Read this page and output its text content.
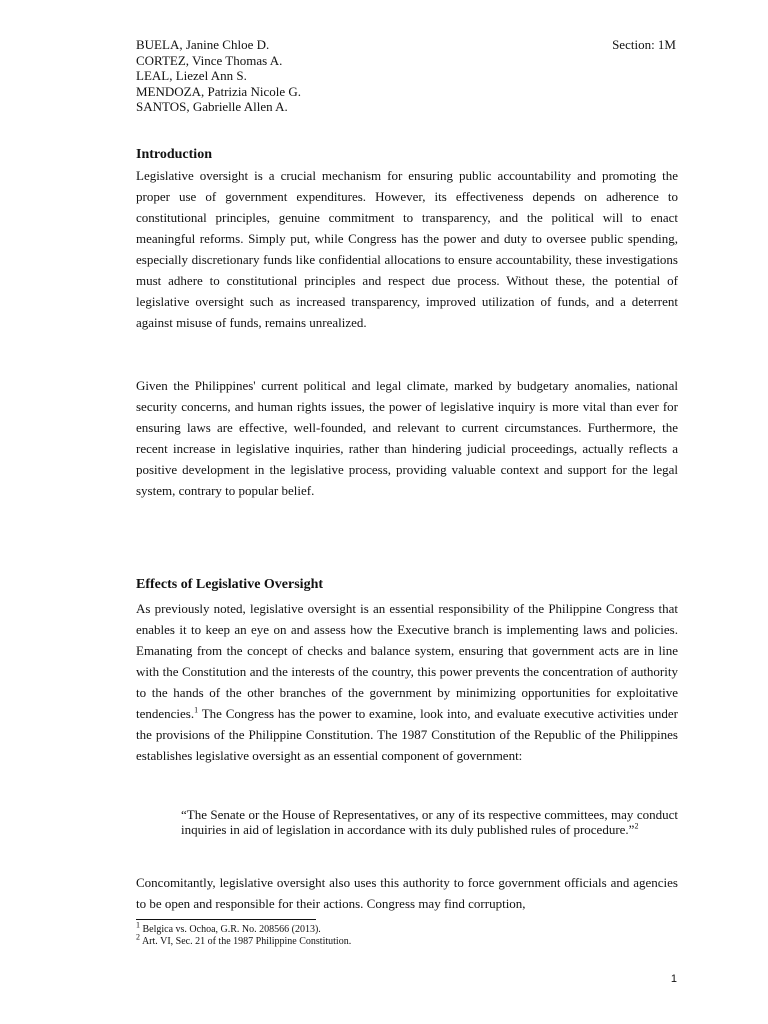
BUELA, Janine Chloe D.
CORTEZ, Vince Thomas A.
LEAL, Liezel Ann S.
MENDOZA, Patrizia Nicole G.
SANTOS, Gabrielle Allen A.
Section: 1M
Introduction

Legislative oversight is a crucial mechanism for ensuring public accountability and promoting the proper use of government expenditures. However, its effectiveness depends on adherence to constitutional principles, genuine commitment to transparency, and the political will to enact meaningful reforms. Simply put, while Congress has the power and duty to oversee public spending, especially discretionary funds like confidential allocations to ensure accountability, these investigations must adhere to constitutional principles and respect due process. Without these, the potential of legislative oversight such as increased transparency, improved utilization of funds, and a deterrent against misuse of funds, remains unrealized.

Given the Philippines' current political and legal climate, marked by budgetary anomalies, national security concerns, and human rights issues, the power of legislative inquiry is more vital than ever for ensuring laws are effective, well-founded, and relevant to current circumstances. Furthermore, the recent increase in legislative inquiries, rather than hindering judicial proceedings, actually reflects a positive development in the legislative process, providing valuable context and support for the legal system, contrary to popular belief.

Effects of Legislative Oversight

As previously noted, legislative oversight is an essential responsibility of the Philippine Congress that enables it to keep an eye on and assess how the Executive branch is implementing laws and policies. Emanating from the concept of checks and balance system, ensuring that government acts are in line with the Constitution and the interests of the country, this power prevents the concentration of authority to the hands of the other branches of the government by minimizing opportunities for exploitative tendencies.$^1$ The Congress has the power to examine, look into, and evaluate executive activities under the provisions of the Philippine Constitution. The 1987 Constitution of the Republic of the Philippines establishes legislative oversight as an essential component of government:

“The Senate or the House of Representatives, or any of its respective committees, may conduct inquiries in aid of legislation in accordance with its duly published rules of procedure.”$^2$

Concomitantly, legislative oversight also uses this authority to force government officials and agencies to be open and responsible for their actions. Congress may find corruption,

$^1$ Belgica vs. Ochoa, G.R. No. 208566 (2013).
$^2$ Art. VI, Sec. 21 of the 1987 Philippine Constitution.
1
